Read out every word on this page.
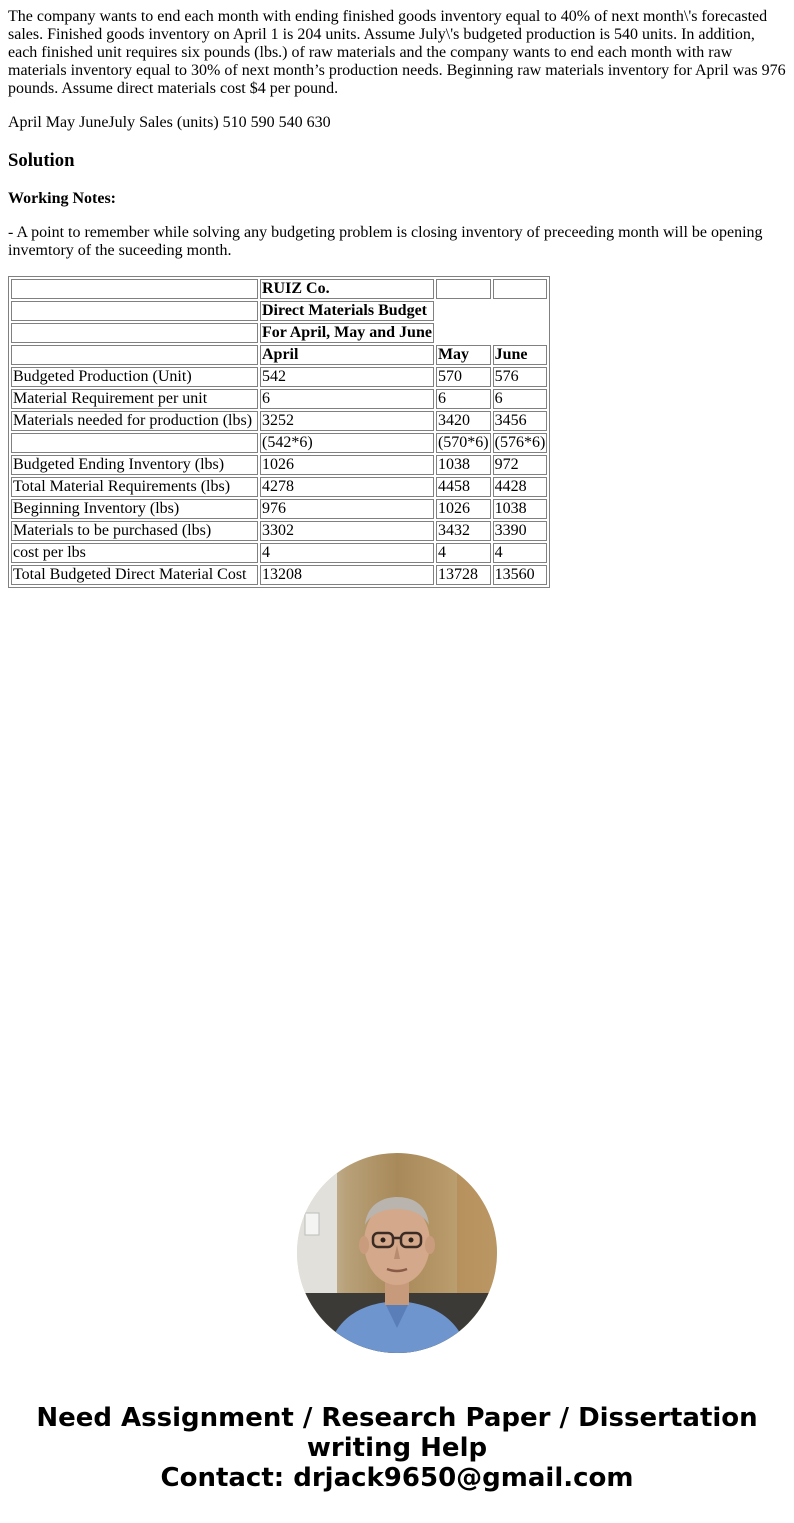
The company wants to end each month with ending finished goods inventory equal to 40% of next month\'s forecasted sales. Finished goods inventory on April 1 is 204 units. Assume July\'s budgeted production is 540 units. In addition, each finished unit requires six pounds (lbs.) of raw materials and the company wants to end each month with raw materials inventory equal to 30% of next month’s production needs. Beginning raw materials inventory for April was 976 pounds. Assume direct materials cost $4 per pound.

April May JuneJuly Sales (units) 510 590 540 630

Solution
Working Notes:

- A point to remember while solving any budgeting problem is closing inventory of preceeding month will be opening invemtory of the suceeding month.

	RUIZ Co.		
	Direct Materials Budget		
	For April, May and June		
	April	May	June
Budgeted Production (Unit)	542	570	576
Material Requirement per unit	6	6	6
Materials needed for production (lbs)	3252	3420	3456
	(542*6)	(570*6)	(576*6)
Budgeted Ending Inventory (lbs)	1026	1038	972
Total Material Requirements (lbs)	4278	4458	4428
Beginning Inventory (lbs)	976	1026	1038
Materials to be purchased (lbs)	3302	3432	3390
cost per lbs	4	4	4
Total Budgeted Direct Material Cost	13208	13728	13560
Need Assignment / Research Paper / Dissertation
writing Help
Contact: drjack9650@gmail.com
